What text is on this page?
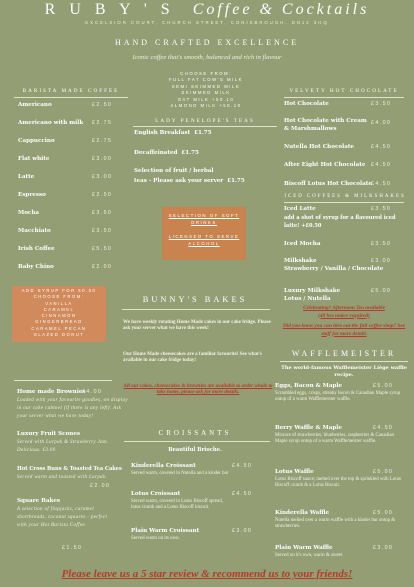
R U B Y ' S Coffee & Cocktails
EXCELSIOR COURT, CHURCH STREET, CONISBROUGH, DN12 3HQ
HAND CRAFTED EXCELLENCE
Iconic coffee that's smooth, balanced and rich in flavour
CHOOSE FROM:
FULL FAT COW'S MILK
SEMI SKIMMED MILK
SKIMMED MILK
OAT MILK +50.10
ALMOND MILK +50.10
BARISTA MADE COFFEE
Americano	£2.50
Americano with milk £2.75
Cappuccino	£2.75
Flat white	£3.00
Latte	£3.00
Espresso	£2.50
Mocha	£3.50
Macchiato	£3.50
Irish Coffee	£5.50
Baby Chino	£2.00
ADD SYRUP FOR 50.50
CHOOSE FROM:
VANILLA
CARAMEL
CINNAMON
GINGERBREAD
CARAMEL PECAN
GLAZED DONUT
LADY PENELOPE'S TEAS
English Breakfast £1.75
Decaffeinated £1.75
Selection of fruit / herbal
teas - Please ask your server £1.75
SELECTION OF SOFT
DRINKS
LICENSED TO SERVE
ALCOHOL
BUNNY'S BAKES
We have weekly rotating Home Made cakes in our cake fridge. Please ask your server what we have this week!
Our Home Made cheesecakes are a familiar favourite! See what's available in our cake fridge today!
All our cakes, cheesecakes & brownies are available to order whole to take home, please ask for more details.
Home made Brownies
£4.00
Loaded with your favourite goodies, on display in our cake cabinet (if there is any left). Ask your server what we have today!
Luxury Fruit Scones
Served with Lurpak & Strawberry Jam. Delicious. £3.00
Hot Cross Buns & Toasted Tea Cakes
Served warm and toasted with Lurpak.
£2.00
Square Bakes
A selection of flapjacks, caramel shortbreads, coconut squares - perfect with your Hot Barista Coffee.
£1.50
CROISSANTS
Beautiful Brioche.
Kinderella Croissant	£4.50
Served warm, covered in Nutella and a kinder bar
Lotus Croissant	£4.50
Served warm, covered in Lotus Biscoff spread, lotus crumb and a Lotus Biscoff biscuit.
Plain Warm Croissant	£3.00
Served warm on its own.
VELVETY HOT CHOCOLATE
Hot Chocolate	£3.50
Hot Chocolate with Cream & Marshmallows
£4.00
Nutella Hot Chocolate	£4.50
After Eight Hot Chocolate £4.50
Biscoff Lotus Hot Chocolate £4.50
ICED COFFEES & MILKSHAKES
Iced Latte	£3.50
add a shot of syrup for a flavoured iced latte! +£0.50
Iced Mocha	£3.50
Milkshake	£3.00
Strawberry / Vanilla / Chocolate
Luxury Milkshake	£5.00
Lotus / Nutella
Celebrating? Afternoon Tea available
(48 hrs notice required)
Did you know you can hire out the full coffee shop? See staff for more details
WAFFLEMEISTER
The world-famous Wafflemeister Liège waffle recipe.
Eggs, Bacon & Maple	£5.00
Scrambled eggs, crispy, streaky bacon & Canadian Maple syrup ontop of a warm Wafflemeister waffle.
Berry Waffle & Maple	£4.50
Mixture of strawberries, blueberries, raspberries & Canadian Maple syrup ontop of a warm Wafflemeister waffle.
Lotus Waffle	£5.00
Lotus Biscoff sauce; melted over the top & sprinkled with Lotus Biscoff crumb & a Lotus Biscuit.
Kinderella Waffle	£5.00
Nutella melted over a warm waffle with a kinder bar ontop & strawberries.
Plain Warm Waffle	£3.00
Served on it's own, warm & sweet.
Please leave us a 5 star review & recommend us to your friends!
